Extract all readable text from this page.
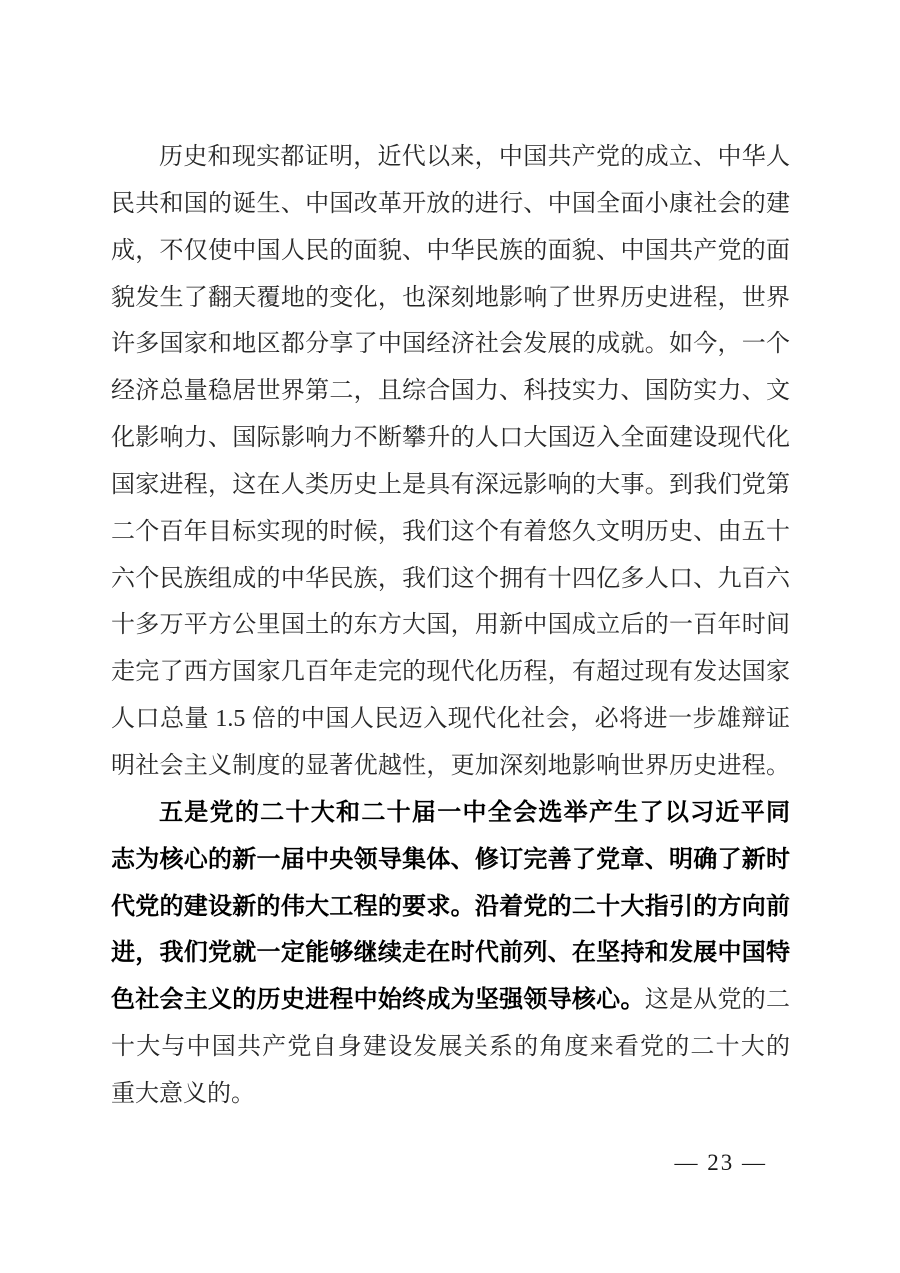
历史和现实都证明，近代以来，中国共产党的成立、中华人
民共和国的诞生、中国改革开放的进行、中国全面小康社会的建
成，不仅使中国人民的面貌、中华民族的面貌、中国共产党的面
貌发生了翻天覆地的变化，也深刻地影响了世界历史进程，世界
许多国家和地区都分享了中国经济社会发展的成就。如今，一个
经济总量稳居世界第二，且综合国力、科技实力、国防实力、文
化影响力、国际影响力不断攀升的人口大国迈入全面建设现代化
国家进程，这在人类历史上是具有深远影响的大事。到我们党第
二个百年目标实现的时候，我们这个有着悠久文明历史、由五十
六个民族组成的中华民族，我们这个拥有十四亿多人口、九百六
十多万平方公里国土的东方大国，用新中国成立后的一百年时间
走完了西方国家几百年走完的现代化历程，有超过现有发达国家
人口总量 1.5 倍的中国人民迈入现代化社会，必将进一步雄辩证
明社会主义制度的显著优越性，更加深刻地影响世界历史进程。
五是党的二十大和二十届一中全会选举产生了以习近平同
志为核心的新一届中央领导集体、修订完善了党章、明确了新时
代党的建设新的伟大工程的要求。沿着党的二十大指引的方向前
进，我们党就一定能够继续走在时代前列、在坚持和发展中国特
色社会主义的历史进程中始终成为坚强领导核心。这是从党的二
十大与中国共产党自身建设发展关系的角度来看党的二十大的
重大意义的。
— 23 —
